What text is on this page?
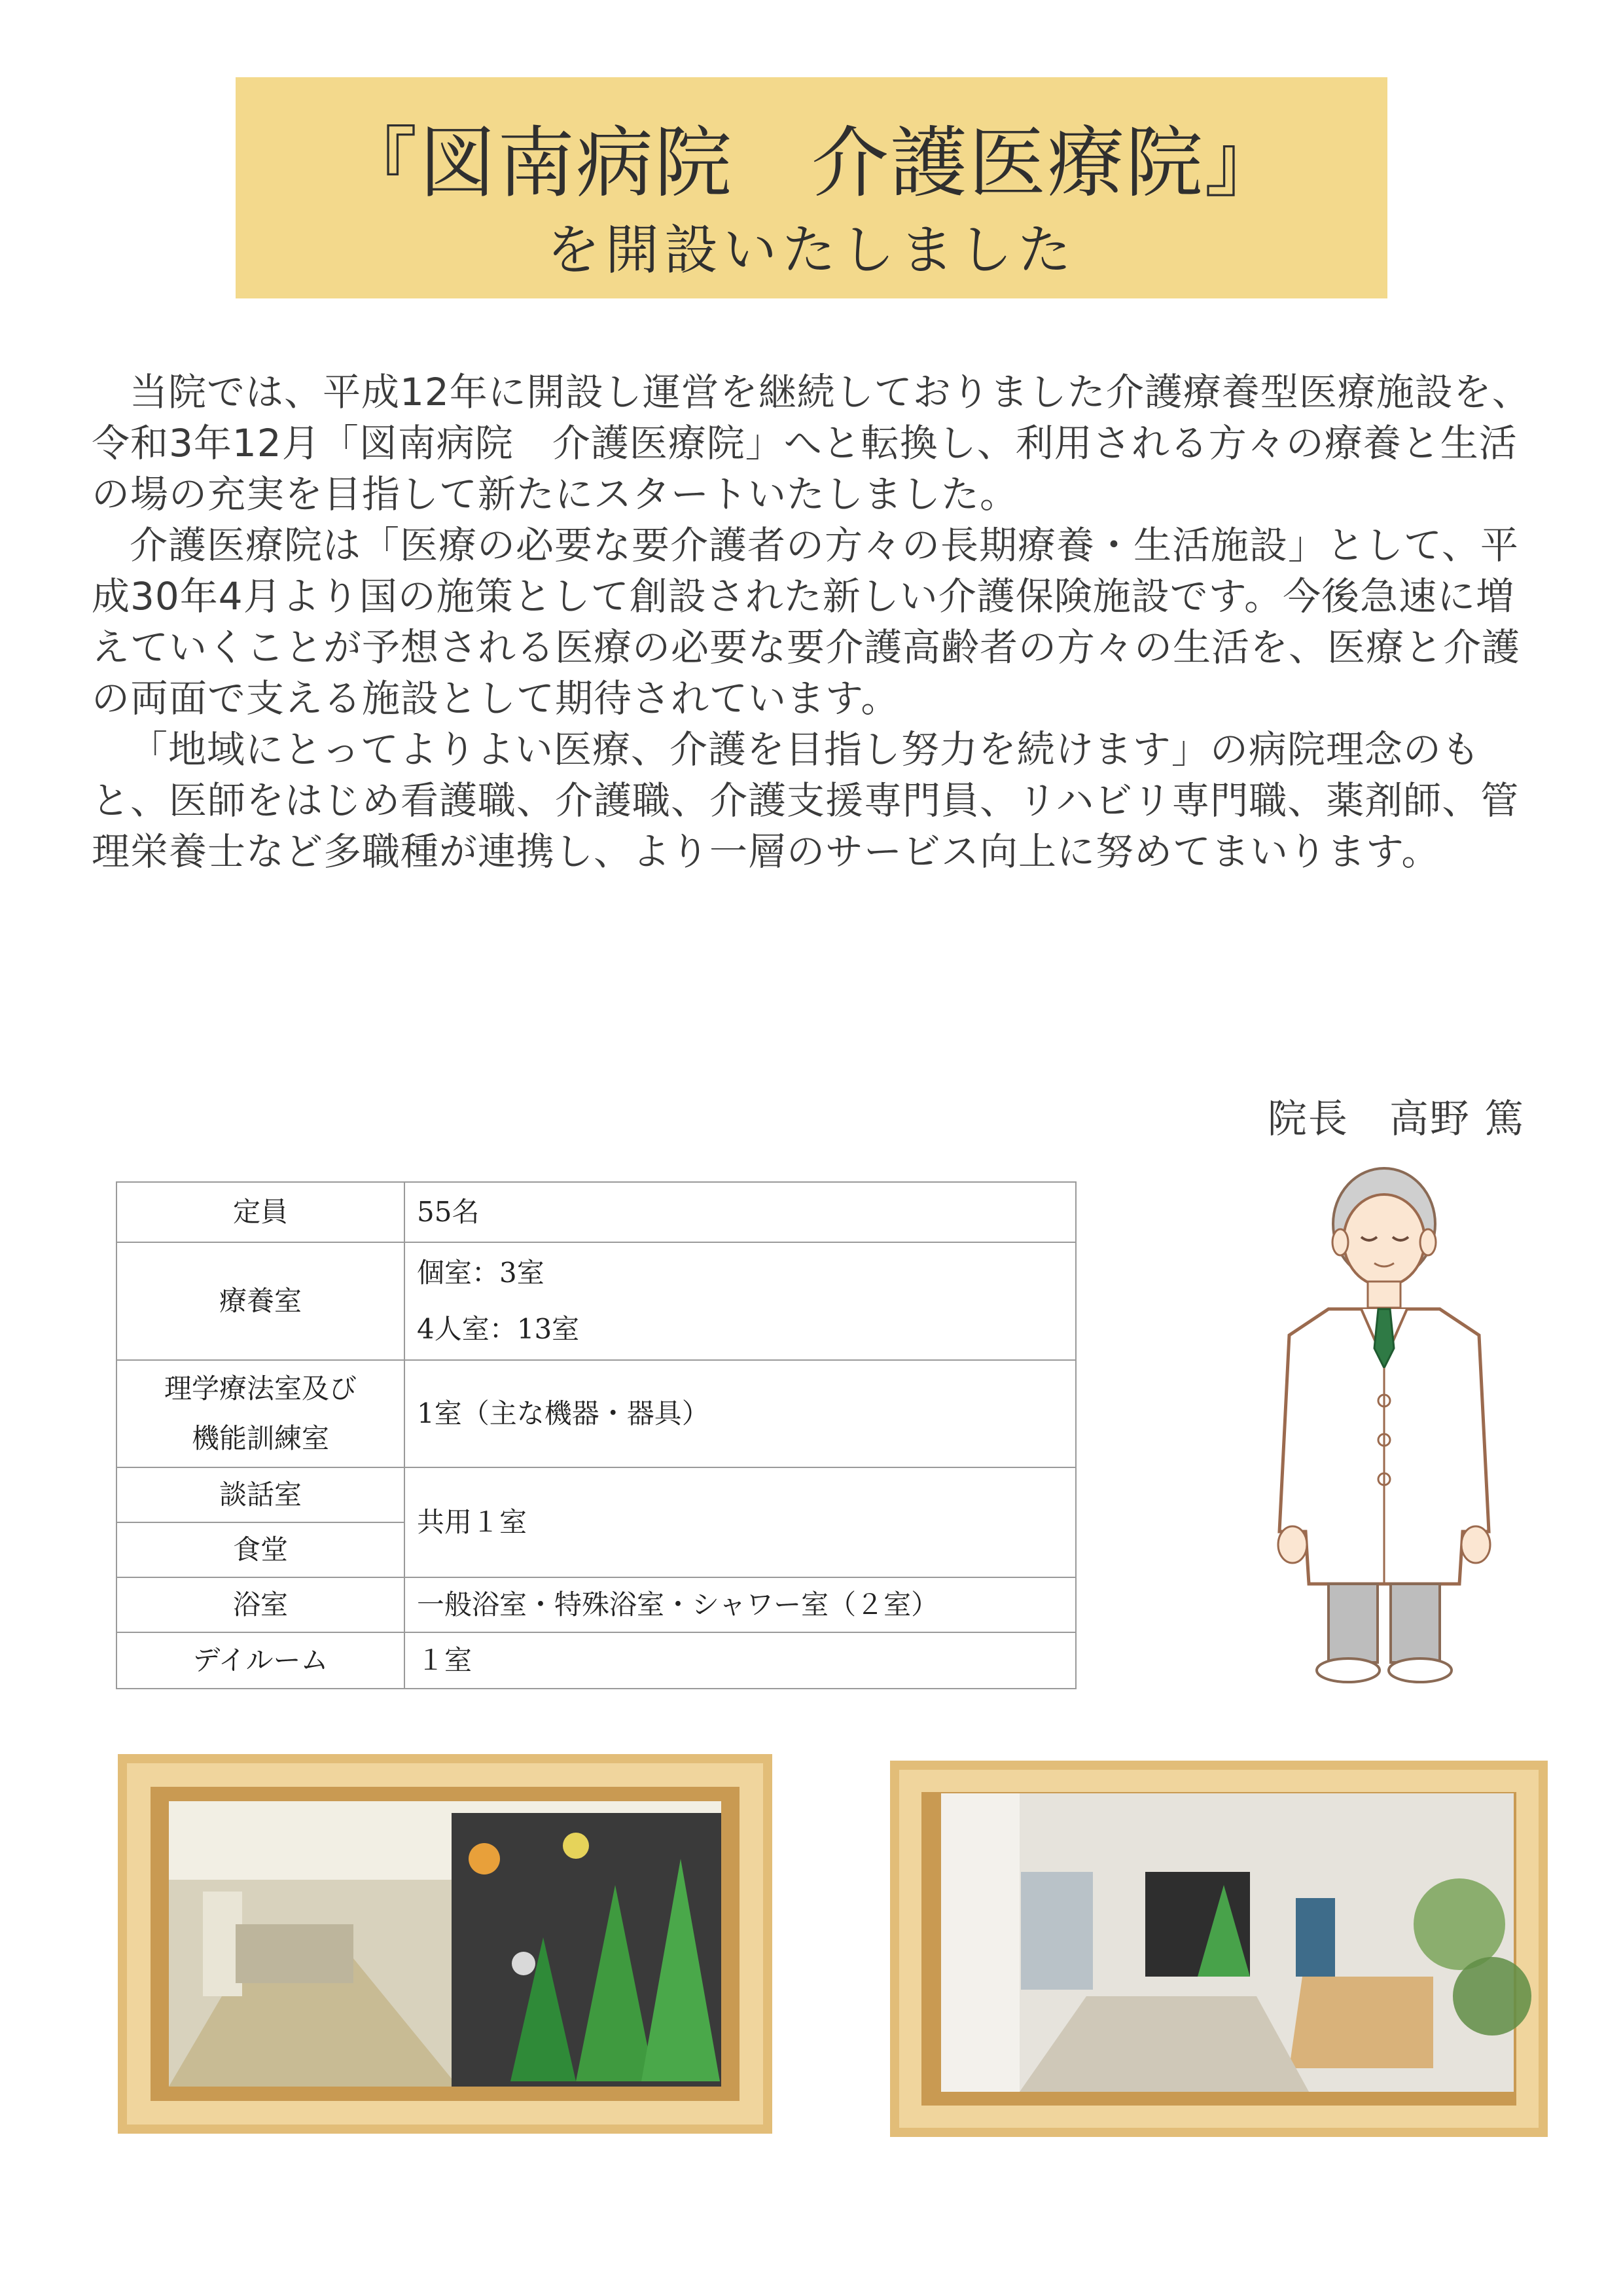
『図南病院　介護医療院』
を開設いたしました

当院では、平成12年に開設し運営を継続しておりました介護療養型医療施設を、令和3年12月「図南病院　介護医療院」へと転換し、利用される方々の療養と生活の場の充実を目指して新たにスタートいたしました。

介護医療院は「医療の必要な要介護者の方々の長期療養・生活施設」として、平成30年4月より国の施策として創設された新しい介護保険施設です。今後急速に増えていくことが予想される医療の必要な要介護高齢者の方々の生活を、医療と介護の両面で支える施設として期待されています。

「地域にとってよりよい医療、介護を目指し努力を続けます」の病院理念のもと、医師をはじめ看護職、介護職、介護支援専門員、リハビリ専門職、薬剤師、管理栄養士など多職種が連携し、より一層のサービス向上に努めてまいります。

院長　高野 篤
定員	55名
療養室	個室：3室
4人室：13室

理学療法室及び
機能訓練室	1室（主な機器・器具）
談話室	共用１室
食堂	
浴室	一般浴室・特殊浴室・シャワー室（２室）
デイルーム	１室
